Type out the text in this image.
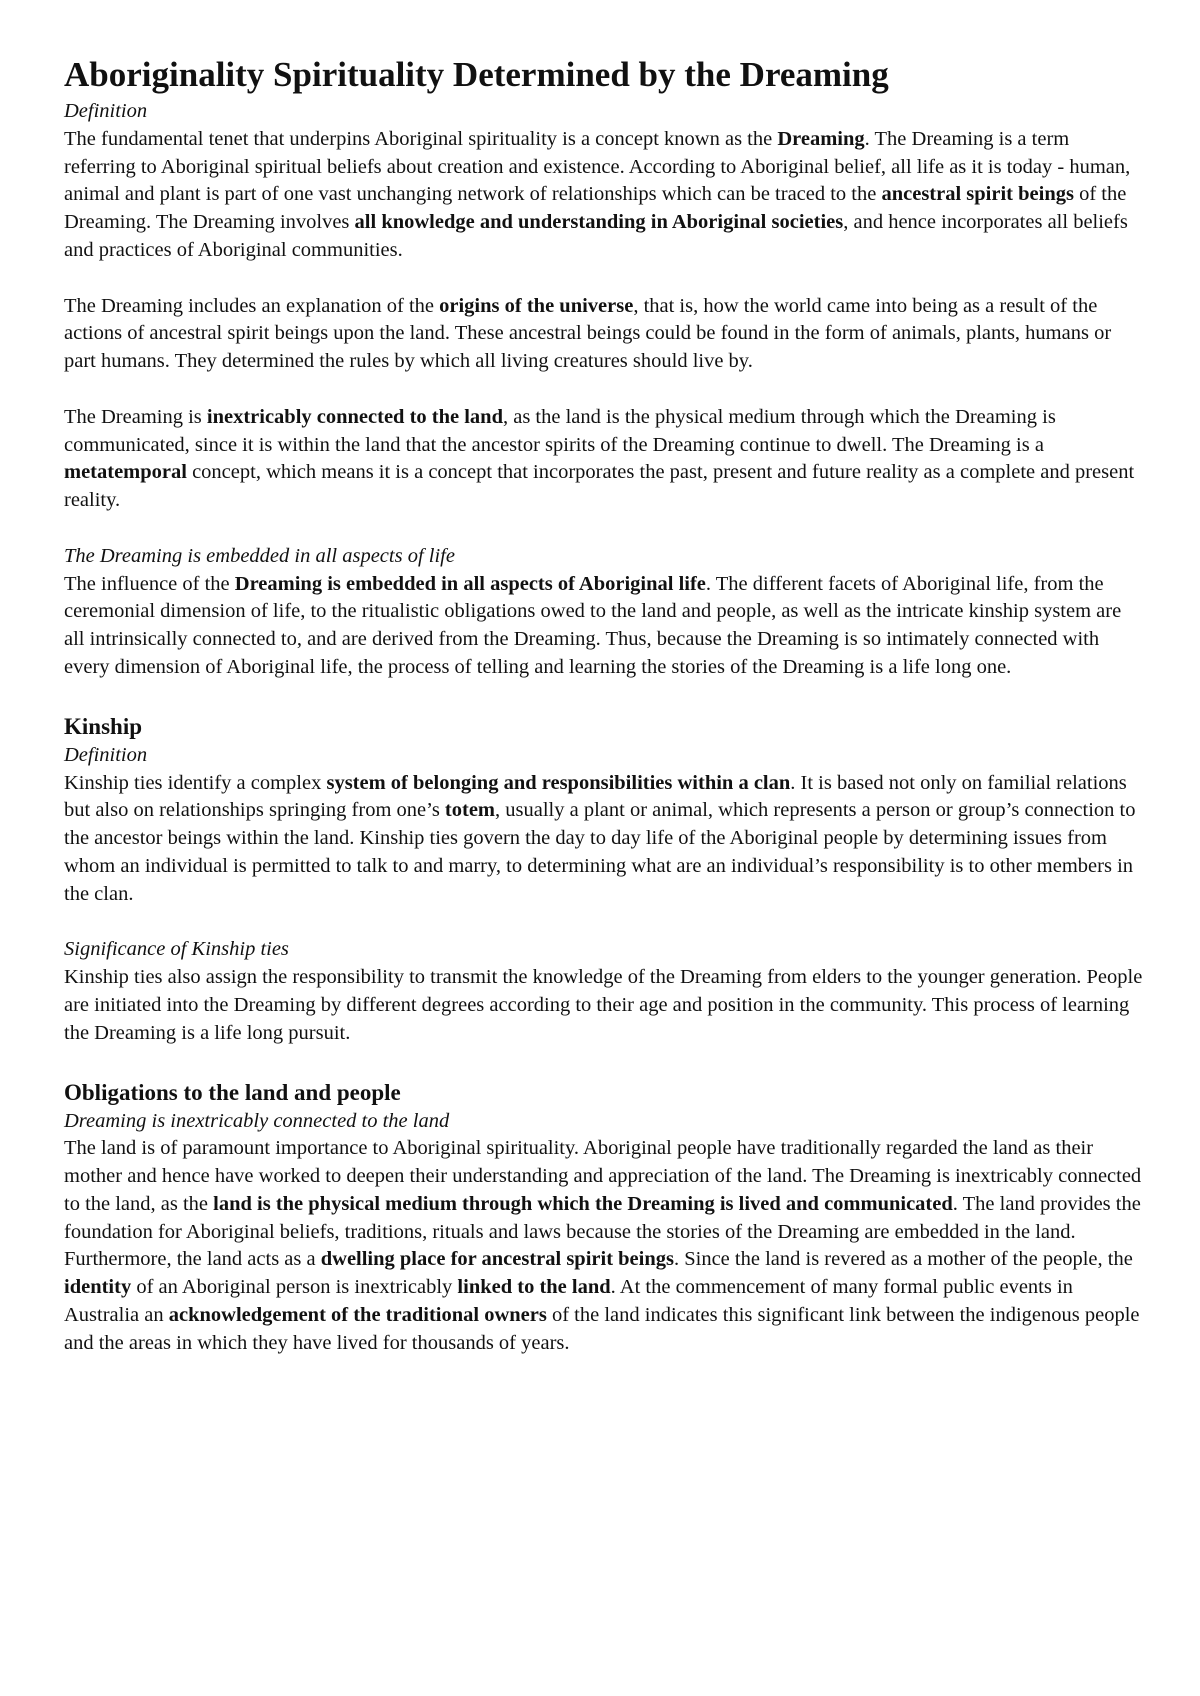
Aboriginality Spirituality Determined by the Dreaming

Definition

The fundamental tenet that underpins Aboriginal spirituality is a concept known as the Dreaming. The Dreaming is a term referring to Aboriginal spiritual beliefs about creation and existence. According to Aboriginal belief, all life as it is today - human, animal and plant is part of one vast unchanging network of relationships which can be traced to the ancestral spirit beings of the Dreaming. The Dreaming involves all knowledge and understanding in Aboriginal societies, and hence incorporates all beliefs and practices of Aboriginal communities.

The Dreaming includes an explanation of the origins of the universe, that is, how the world came into being as a result of the actions of ancestral spirit beings upon the land. These ancestral beings could be found in the form of animals, plants, humans or part humans. They determined the rules by which all living creatures should live by.

The Dreaming is inextricably connected to the land, as the land is the physical medium through which the Dreaming is communicated, since it is within the land that the ancestor spirits of the Dreaming continue to dwell. The Dreaming is a metatemporal concept, which means it is a concept that incorporates the past, present and future reality as a complete and present reality.

The Dreaming is embedded in all aspects of life

The influence of the Dreaming is embedded in all aspects of Aboriginal life. The different facets of Aboriginal life, from the ceremonial dimension of life, to the ritualistic obligations owed to the land and people, as well as the intricate kinship system are all intrinsically connected to, and are derived from the Dreaming. Thus, because the Dreaming is so intimately connected with every dimension of Aboriginal life, the process of telling and learning the stories of the Dreaming is a life long one.

Kinship

Definition

Kinship ties identify a complex system of belonging and responsibilities within a clan. It is based not only on familial relations but also on relationships springing from one’s totem, usually a plant or animal, which represents a person or group’s connection to the ancestor beings within the land. Kinship ties govern the day to day life of the Aboriginal people by determining issues from whom an individual is permitted to talk to and marry, to determining what are an individual’s responsibility is to other members in the clan.

Significance of Kinship ties

Kinship ties also assign the responsibility to transmit the knowledge of the Dreaming from elders to the younger generation. People are initiated into the Dreaming by different degrees according to their age and position in the community. This process of learning the Dreaming is a life long pursuit.

Obligations to the land and people

Dreaming is inextricably connected to the land

The land is of paramount importance to Aboriginal spirituality. Aboriginal people have traditionally regarded the land as their mother and hence have worked to deepen their understanding and appreciation of the land. The Dreaming is inextricably connected to the land, as the land is the physical medium through which the Dreaming is lived and communicated. The land provides the foundation for Aboriginal beliefs, traditions, rituals and laws because the stories of the Dreaming are embedded in the land. Furthermore, the land acts as a dwelling place for ancestral spirit beings. Since the land is revered as a mother of the people, the identity of an Aboriginal person is inextricably linked to the land. At the commencement of many formal public events in Australia an acknowledgement of the traditional owners of the land indicates this significant link between the indigenous people and the areas in which they have lived for thousands of years.
